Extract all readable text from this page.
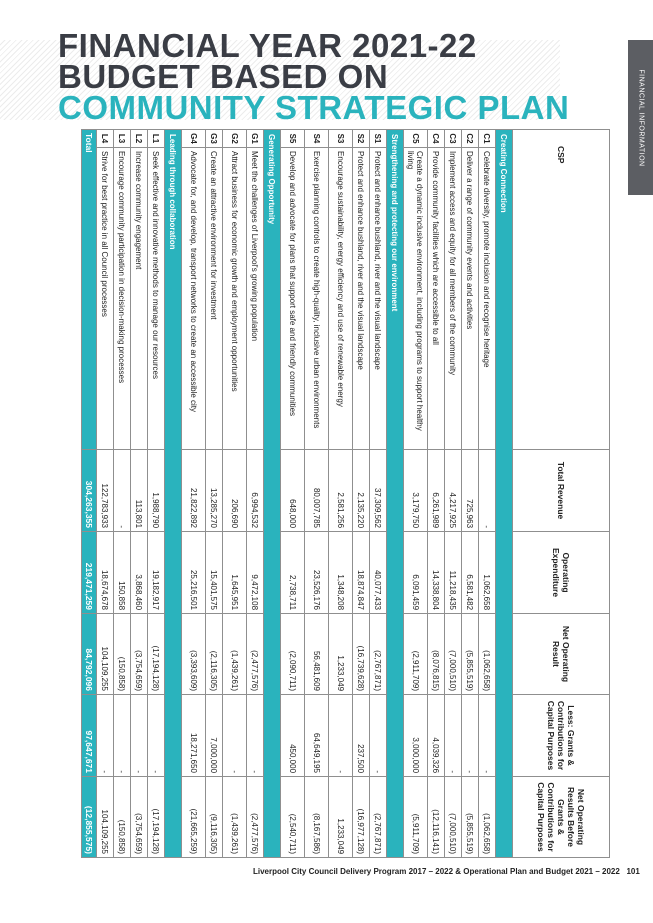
FINANCIAL YEAR 2021-22
BUDGET BASED ON
COMMUNITY STRATEGIC PLAN	FINANCIAL INFORMATION
CSP		Total Revenue	Operating Expenditure	Net Operating Result	Less: Grants & Contributions for Capital Purposes	Net Operating Results Before Grants & Contributions for Capital Purposes
Creating Connection						
C1	Celebrate diversity, promote inclusion and recognise heritage	-	1,062,658	(1,062,658)	-	(1,062,658)
C2	Deliver a range of community events and activities	725,963	6,581,482	(5,855,519)	-	(5,855,519)
C3	Implement access and equity for all members of the community	4,217,925	11,218,435	(7,000,510)	-	(7,000,510)
C4	Provide community facilities which are accessible to all	6,261,989	14,338,804	(8,076,815)	4,039,326	(12,116,141)
C5	Create a dynamic inclusive environment, including programs to support healthy living	3,179,750	6,091,459	(2,911,709)	3,000,000	(5,911,709)
Strengthening and protecting our environment						
S1	Protect and enhance bushland, river and the visual landscape	37,309,562	40,077,433	(2,767,871)	-	(2,767,871)
S2	Protect and enhance bushland, river and the visual landscape	2,135,220	18,874,847	(16,739,628)	237,500	(16,977,128)
S3	Encourage sustainability, energy efficiency and use of renewable energy	2,581,256	1,348,208	1,233,049	-	1,233,049
S4	Exercise planning controls to create high-quality, inclusive urban environments	80,007,785	23,526,176	56,481,609	64,649,195	(8,167,586)
S5	Develop and advocate for plans that support safe and friendly communities	648,000	2,738,711	(2,090,711)	450,000	(2,540,711)
Generating Opportunity						
G1	Meet the challenges of Liverpool's growing population	6,994,532	9,472,108	(2,477,576)	-	(2,477,576)
G2	Attract business for economic growth and employment opportunities	206,690	1,645,951	(1,439,261)	-	(1,439,261)
G3	Create an attractive environment for investment	13,285,270	15,401,575	(2,116,305)	7,000,000	(9,116,305)
G4	Advocate for, and develop, transport networks to create an accessible city	21,822,892	25,216,501	(3,393,609)	18,271,650	(21,665,259)
Leading through collaboration						
L1	Seek effective and innovative methods to manage our resources	1,988,790	19,182,917	(17,194,128)	-	(17,194,128)
L2	Increase community engagement	113,801	3,868,460	(3,754,659)	-	(3,754,659)
L3	Encourage community participation in decision-making processes	-	150,858	(150,858)	-	(150,858)
L4	Strive for best practice in all Council processes	122,783,933	18,674,678	104,109,255	-	104,109,255
Total		304,263,355	219,471,259	84,792,096	97,647,671	(12,855,575)
Liverpool City Council Delivery Program 2017 – 2022 & Operational Plan and Budget 2021 – 2022 101
